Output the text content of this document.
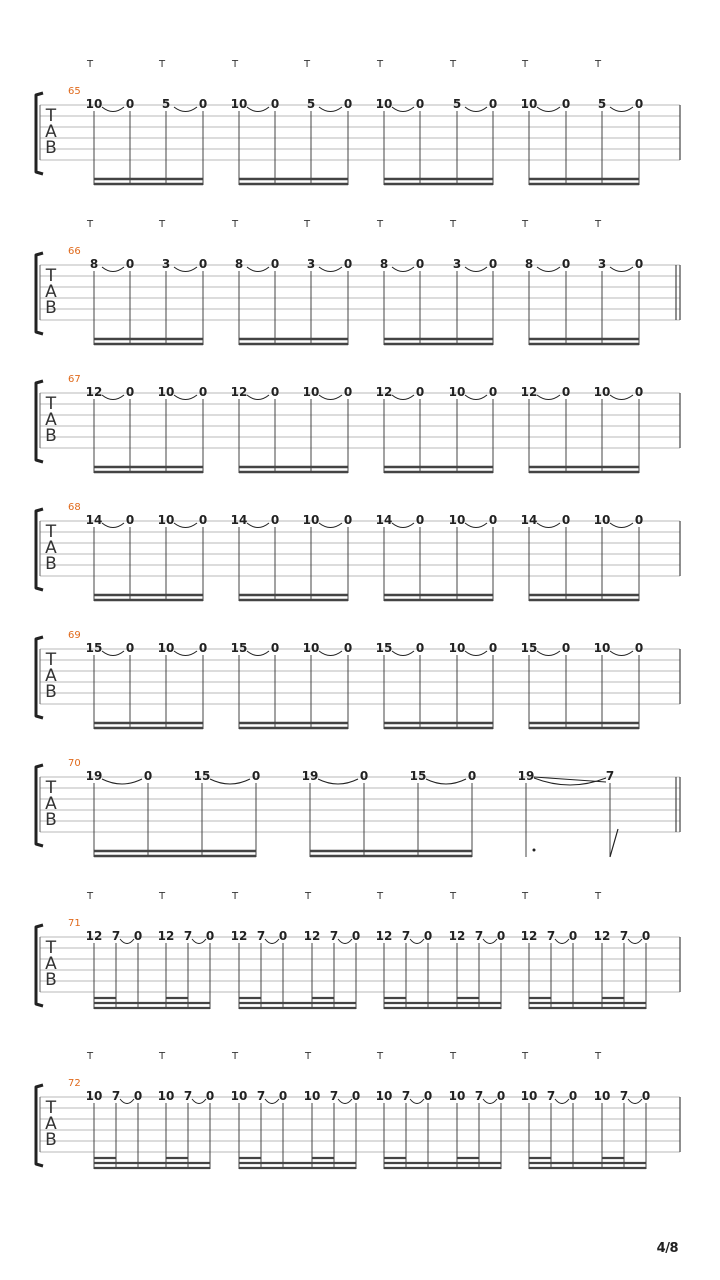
T
A
B
65
T
10 0
T
5 0
T
10 0
T
5 0
T
10 0
T
5 0
T
10 0
T
5 0
T
A
B
66
T
8 0
T
3 0
T
8 0
T
3 0
T
8 0
T
3 0
T
8 0
T
3 0
T
A
B
67
12 0 10 0 12 0 10 0 12 0 10 0 12 0 10 0
T
A
B
68
14 0 10 0 14 0 10 0 14 0 10 0 14 0 10 0
T
A
B
69
15 0 10 0 15 0 10 0 15 0 10 0 15 0 10 0
T
A
B
70
19	0	15	0	19	0	15	0	19	7
T
A
B
71
T
12 7 0
T
12 7 0
T
12 7 0
T
12 7 0
T
12 7 0
T
12 7 0
T
12 7 0
T
12 7 0
T
A
B
72
T
10 7 0
T
10 7 0
T
10 7 0
T
10 7 0
T
10 7 0
T
10 7 0
T
10 7 0
T
10 7 0
4/8
